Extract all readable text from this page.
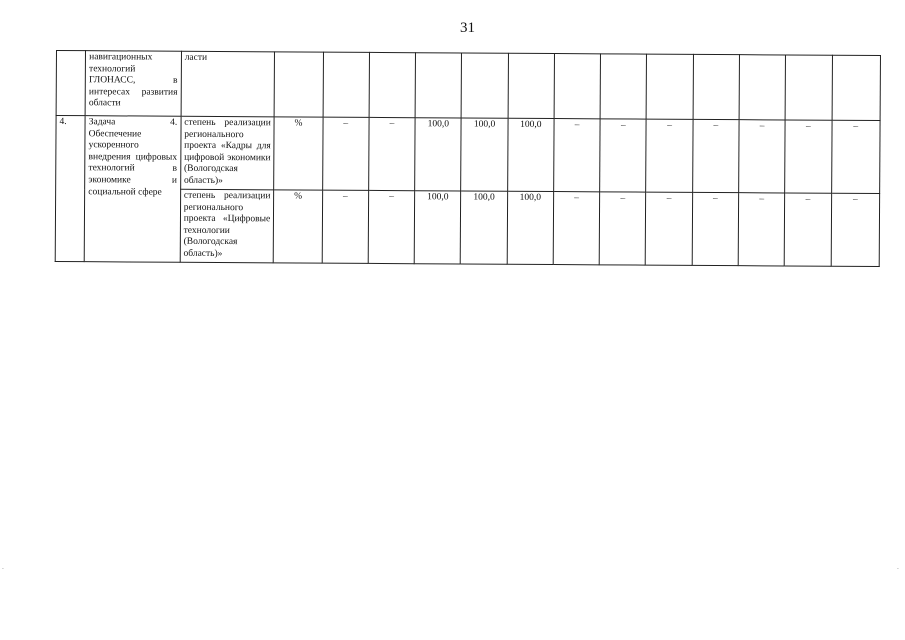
31
	навигационных технологий ГЛОНАСС, в интересах развития области	ласти													
4.	Задача 4. Обеспечение ускоренного внедрения цифровых технологий в экономике и социальной сфере	степень реализации регионального проекта «Кадры для цифровой экономики (Вологодская область)»	%	–	–	100,0	100,0	100,0	–	–	–	–	–	–	–
		степень реализации регионального проекта «Цифровые технологии (Вологодская область)»	%	–	–	100,0	100,0	100,0	–	–	–	–	–	–	–
·	·
